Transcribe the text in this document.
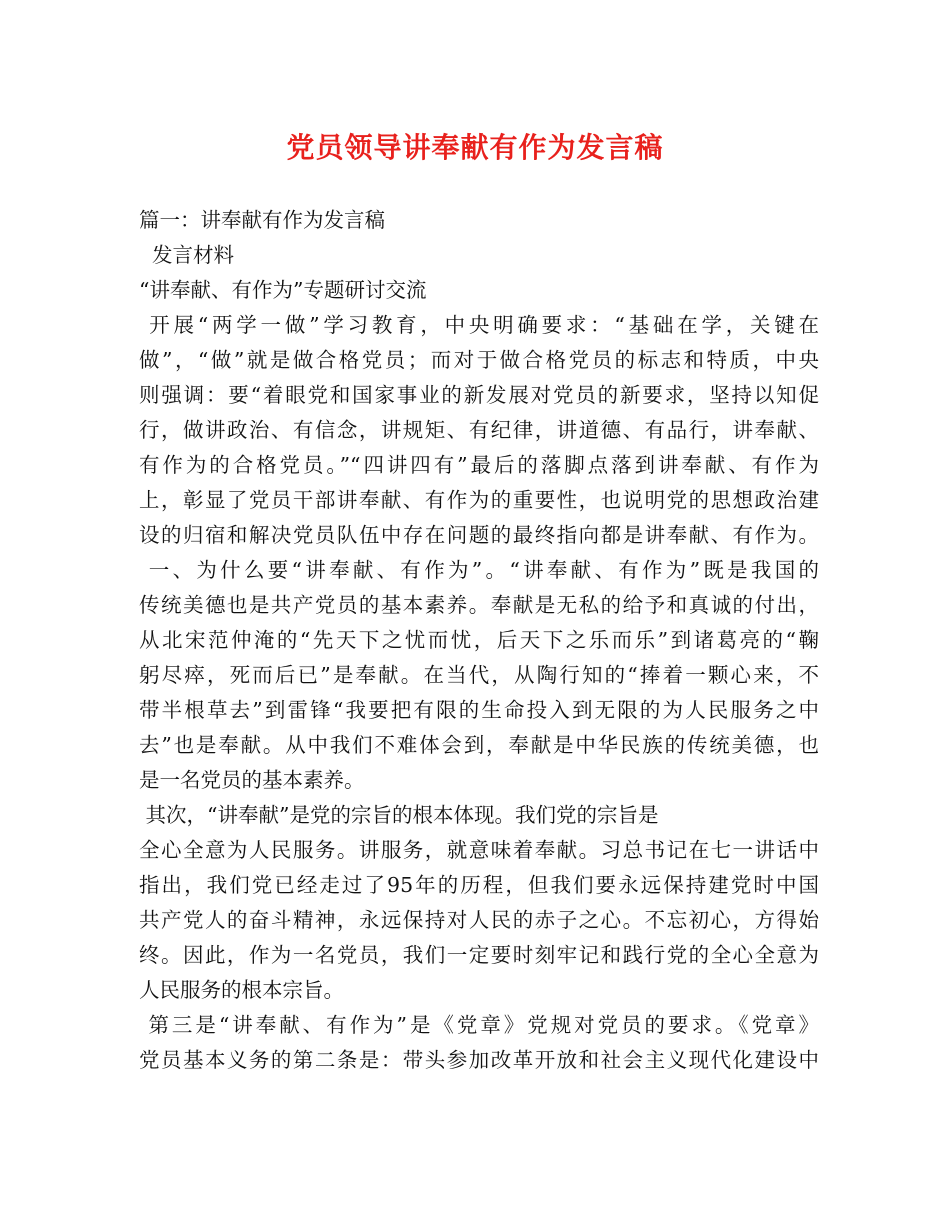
党员领导讲奉献有作为发言稿
篇一：讲奉献有作为发言稿
发言材料
“讲奉献、有作为”专题研讨交流
开展“两学一做”学习教育，中央明确要求：“基础在学，关键在
做”，“做”就是做合格党员；而对于做合格党员的标志和特质，中央
则强调：要“着眼党和国家事业的新发展对党员的新要求，坚持以知促
行，做讲政治、有信念，讲规矩、有纪律，讲道德、有品行，讲奉献、
有作为的合格党员。”“四讲四有”最后的落脚点落到讲奉献、有作为
上，彰显了党员干部讲奉献、有作为的重要性，也说明党的思想政治建
设的归宿和解决党员队伍中存在问题的最终指向都是讲奉献、有作为。
一、为什么要“讲奉献、有作为”。“讲奉献、有作为”既是我国的
传统美德也是共产党员的基本素养。奉献是无私的给予和真诚的付出，
从北宋范仲淹的“先天下之忧而忧，后天下之乐而乐”到诸葛亮的“鞠
躬尽瘁，死而后已”是奉献。在当代，从陶行知的“捧着一颗心来，不
带半根草去”到雷锋“我要把有限的生命投入到无限的为人民服务之中
去”也是奉献。从中我们不难体会到，奉献是中华民族的传统美德，也
是一名党员的基本素养。
其次，“讲奉献”是党的宗旨的根本体现。我们党的宗旨是
全心全意为人民服务。讲服务，就意味着奉献。习总书记在七一讲话中
指出，我们党已经走过了95年的历程，但我们要永远保持建党时中国
共产党人的奋斗精神，永远保持对人民的赤子之心。不忘初心，方得始
终。因此，作为一名党员，我们一定要时刻牢记和践行党的全心全意为
人民服务的根本宗旨。
第三是“讲奉献、有作为”是《党章》党规对党员的要求。《党章》
党员基本义务的第二条是：带头参加改革开放和社会主义现代化建设中
